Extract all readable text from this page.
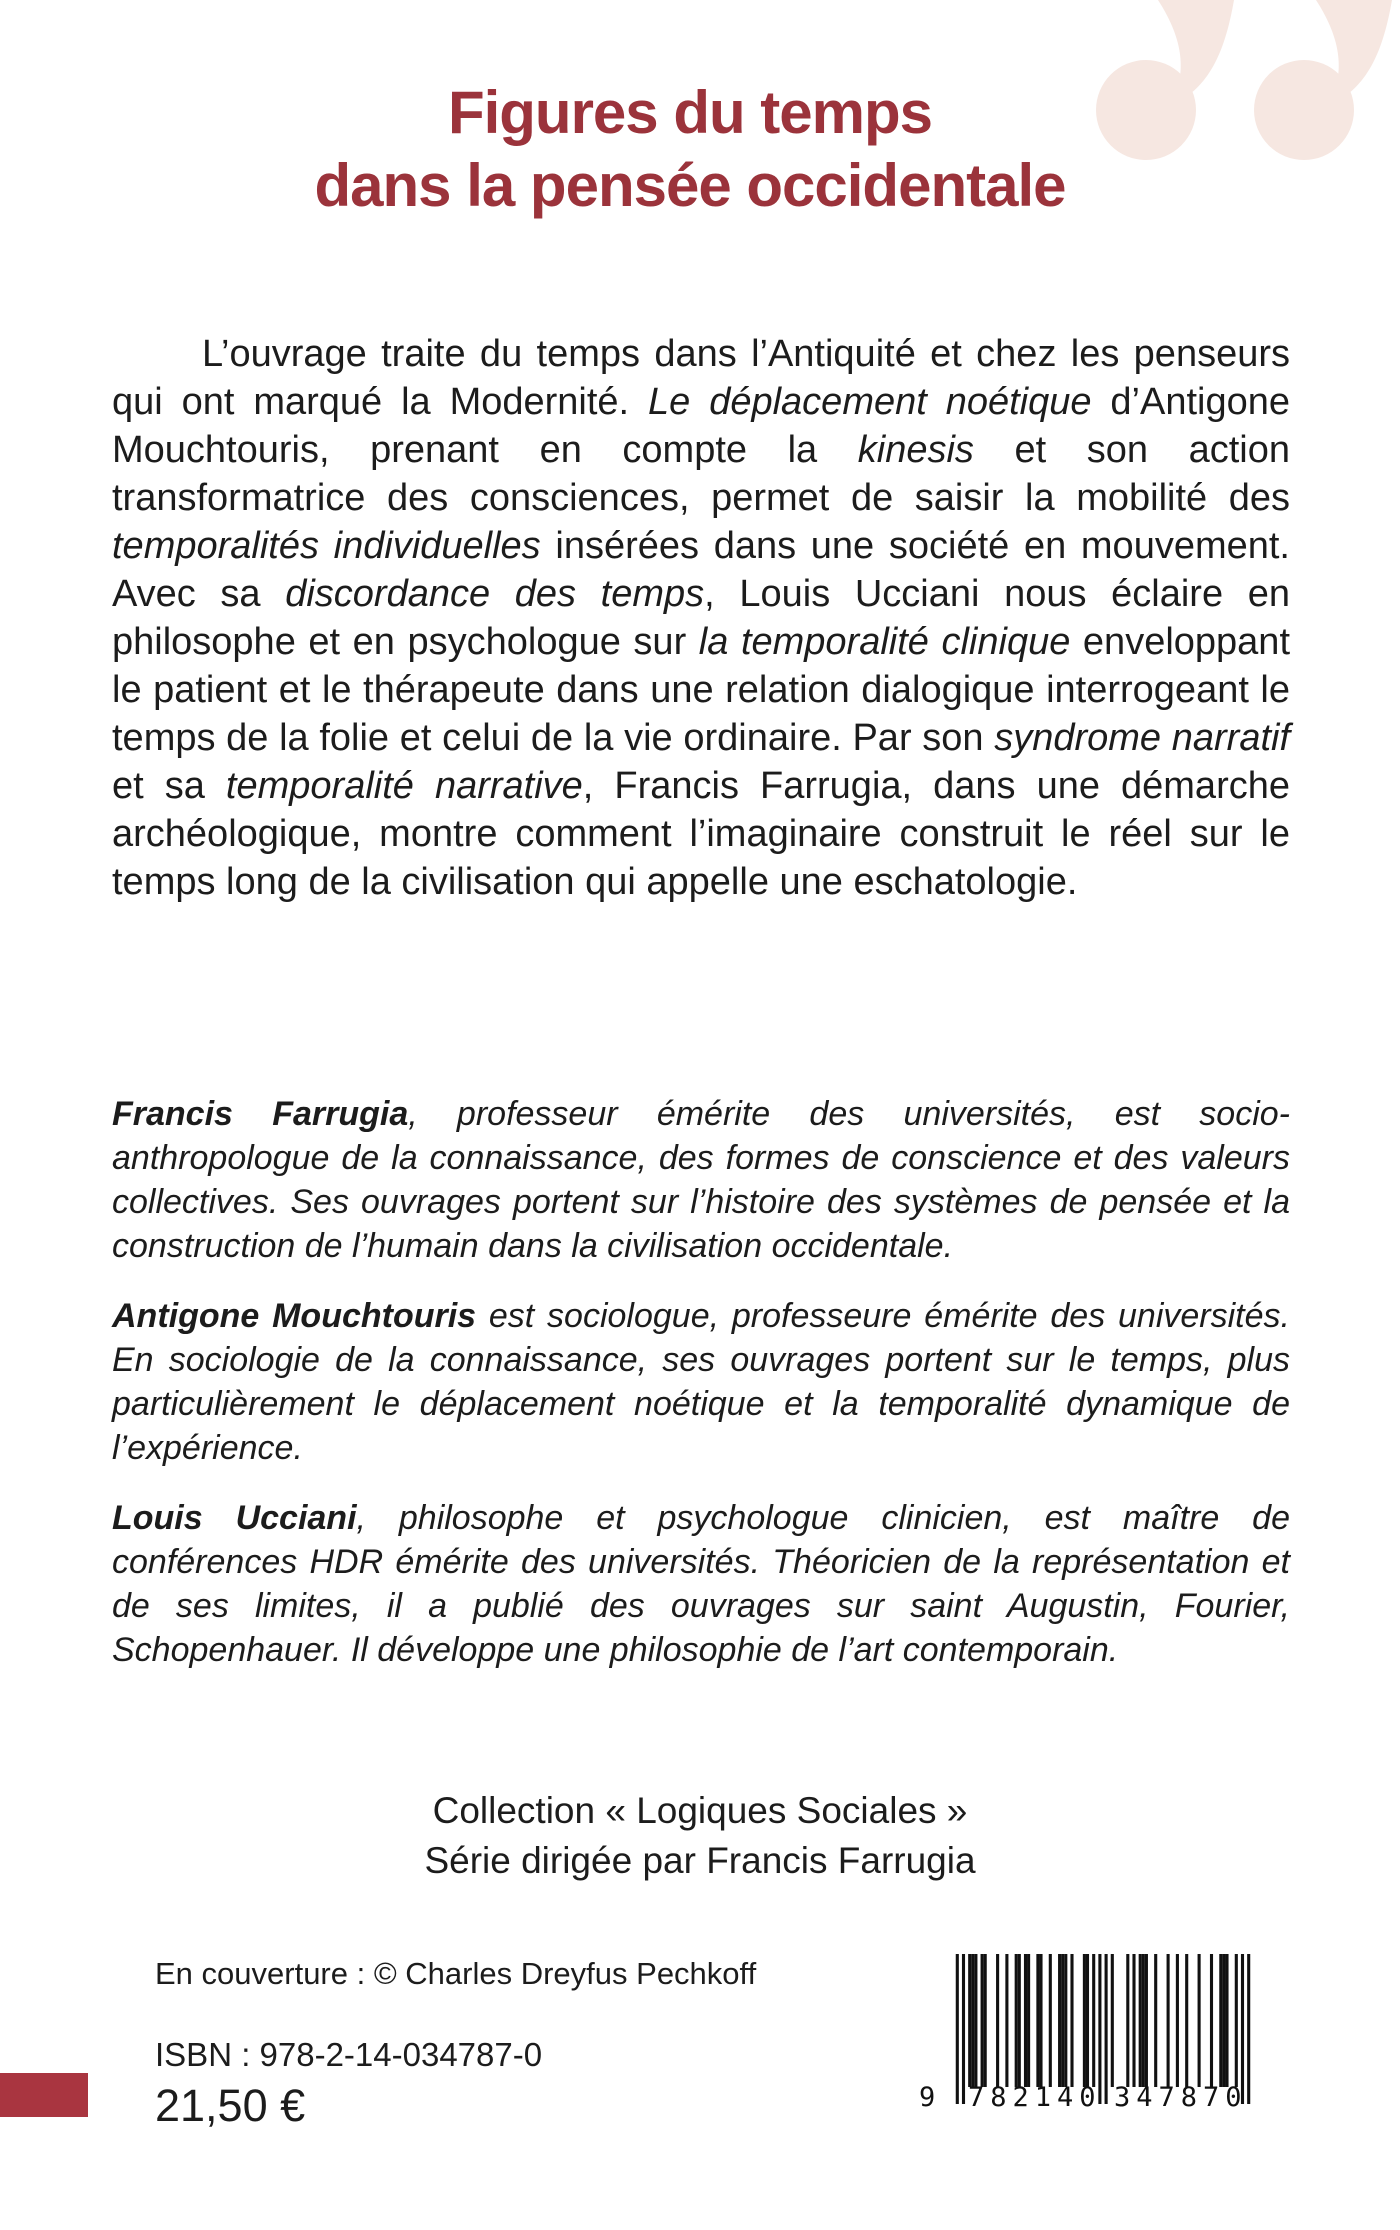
Figures du temps
dans la pensée occidentale
L’ouvrage traite du temps dans l’Antiquité et chez les penseurs qui ont marqué la Modernité. Le déplacement noétique d’Antigone Mouchtouris, prenant en compte la kinesis et son action transformatrice des consciences, permet de saisir la mobilité des temporalités individuelles insérées dans une société en mouvement. Avec sa discordance des temps, Louis Ucciani nous éclaire en philosophe et en psychologue sur la temporalité clinique enveloppant le patient et le thérapeute dans une relation dialogique interrogeant le temps de la folie et celui de la vie ordinaire. Par son syndrome narratif et sa temporalité narrative, Francis Farrugia, dans une démarche archéologique, montre comment l’imaginaire construit le réel sur le temps long de la civilisation qui appelle une eschatologie.

Francis Farrugia, professeur émérite des universités, est socio-anthropologue de la connaissance, des formes de conscience et des valeurs collectives. Ses ouvrages portent sur l’histoire des systèmes de pensée et la construction de l’humain dans la civilisation occidentale.

Antigone Mouchtouris est sociologue, professeure émérite des universités. En sociologie de la connaissance, ses ouvrages portent sur le temps, plus particulièrement le déplacement noétique et la temporalité dynamique de l’expérience.

Louis Ucciani, philosophe et psychologue clinicien, est maître de conférences HDR émérite des universités. Théoricien de la représentation et de ses limites, il a publié des ouvrages sur saint Augustin, Fourier, Schopenhauer. Il développe une philosophie de l’art contemporain.

Collection « Logiques Sociales »
Série dirigée par Francis Farrugia
En couverture : © Charles Dreyfus Pechkoff
ISBN : 978-2-14-034787-0
21,50 €	9 782140 347870
